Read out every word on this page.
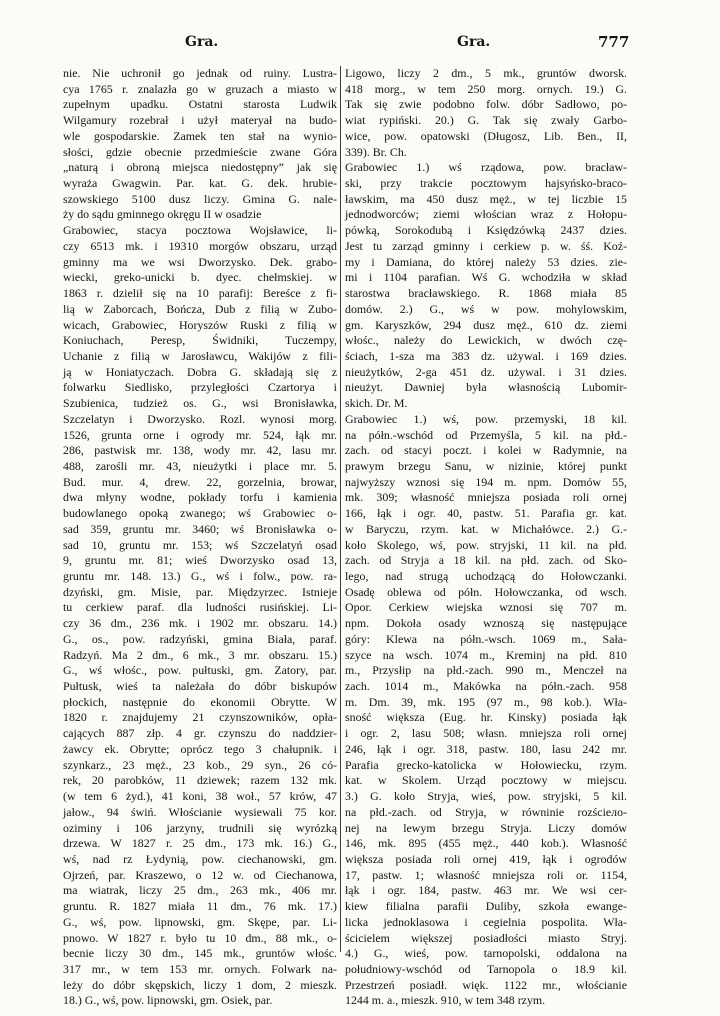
Gra.	Gra.	777
nie. Nie uchronił go jednak od ruiny. Lustra-
cya 1765 r. znalazła go w gruzach a miasto w
zupełnym upadku. Ostatni starosta Ludwik
Wilgamury rozebrał i użył materyał na budo-
wle gospodarskie. Zamek ten stał na wynio-
słości, gdzie obecnie przedmieście zwane Góra
„naturą i obroną miejsca niedostępny” jak się
wyraża Gwagwin. Par. kat. G. dek. hrubie-
szowskiego 5100 dusz liczy. Gmina G. nale-
ży do sądu gminnego okręgu II w osadzie
Grabowiec, stacya pocztowa Wojsławice, li-
czy 6513 mk. i 19310 morgów obszaru, urząd
gminny ma we wsi Dworzysko. Dek. grabo-
wiecki, greko-unicki b. dyec. chełmskiej. w
1863 r. dzielił się na 10 parafij: Bereśce z fi-
lią w Zaborcach, Bończa, Dub z filią w Zubo-
wicach, Grabowiec, Horyszów Ruski z filią w
Koniuchach, Peresp, Świdniki, Tuczempy,
Uchanie z filią w Jarosławcu, Wakijów z fili-
ją w Honiatyczach. Dobra G. składają się z
folwarku Siedlisko, przyległości Czartorya i
Szubienica, tudzież os. G., wsi Bronisławka,
Szczelatyn i Dworzysko. Rozl. wynosi morg.
1526, grunta orne i ogrody mr. 524, łąk mr.
286, pastwisk mr. 138, wody mr. 42, lasu mr.
488, zarośli mr. 43, nieużytki i place mr. 5.
Bud. mur. 4, drew. 22, gorzelnia, browar,
dwa młyny wodne, pokłady torfu i kamienia
budowlanego opoką zwanego; wś Grabowiec o-
sad 359, gruntu mr. 3460; wś Bronisławka o-
sad 10, gruntu mr. 153; wś Szczelatyń osad
9, gruntu mr. 81; wieś Dworzysko osad 13,
gruntu mr. 148. 13.) G., wś i folw., pow. ra-
dzyński, gm. Misie, par. Międzyrzec. Istnieje
tu cerkiew paraf. dla ludności rusińskiej. Li-
czy 36 dm., 236 mk. i 1902 mr. obszaru. 14.)
G., os., pow. radzyński, gmina Biała, paraf.
Radzyń. Ma 2 dm., 6 mk., 3 mr. obszaru. 15.)
G., wś włośc., pow. pułtuski, gm. Zatory, par.
Pułtusk, wieś ta należała do dóbr biskupów
płockich, następnie do ekonomii Obrytte. W
1820 r. znajdujemy 21 czynszowników, opła-
cających 887 złp. 4 gr. czynszu do naddzier-
żawcy ek. Obrytte; oprócz tego 3 chałupnik. i
szynkarz., 23 męż., 23 kob., 29 syn., 26 có-
rek, 20 parobków, 11 dziewek; razem 132 mk.
(w tem 6 żyd.), 41 koni, 38 woł., 57 krów, 47
jałow., 94 świń. Włościanie wysiewali 75 kor.
oziminy i 106 jarzyny, trudnili się wyrózką
drzewa. W 1827 r. 25 dm., 173 mk. 16.) G.,
wś, nad rz Łydynią, pow. ciechanowski, gm.
Ojrzeń, par. Kraszewo, o 12 w. od Ciechanowa,
ma wiatrak, liczy 25 dm., 263 mk., 406 mr.
gruntu. R. 1827 miała 11 dm., 76 mk. 17.)
G., wś, pow. lipnowski, gm. Skępe, par. Li-
pnowo. W 1827 r. było tu 10 dm., 88 mk., o-
becnie liczy 30 dm., 145 mk., gruntów włośc.
317 mr., w tem 153 mr. ornych. Folwark na-
leży do dóbr skępskich, liczy 1 dom, 2 mieszk.
18.) G., wś, pow. lipnowski, gm. Osiek, par.
Ligowo, liczy 2 dm., 5 mk., gruntów dworsk.
418 morg., w tem 250 morg. ornych. 19.) G.
Tak się zwie podobno folw. dóbr Sadłowo, po-
wiat rypiński. 20.) G. Tak się zwały Garbo-
wice, pow. opatowski (Długosz, Lib. Ben., II,
339). Br. Ch.
Grabowiec 1.) wś rządowa, pow. bracław-
ski, przy trakcie pocztowym hajsyńsko-braco-
ławskim, ma 450 dusz męż., w tej liczbie 15
jednodworców; ziemi włościan wraz z Hołopu-
pówką, Sorokodubą i Księdzówką 2437 dzies.
Jest tu zarząd gminny i cerkiew p. w. śś. Koź-
my i Damiana, do której należy 53 dzies. zie-
mi i 1104 parafian. Wś G. wchodziła w skład
starostwa bracławskiego. R. 1868 miała 85
domów. 2.) G., wś w pow. mohylowskim,
gm. Karyszków, 294 dusz męż., 610 dz. ziemi
włośc., należy do Lewickich, w dwóch czę-
ściach, 1-sza ma 383 dz. używal. i 169 dzies.
nieużytków, 2-ga 451 dz. używal. i 31 dzies.
nieużyt. Dawniej była własnością Lubomir-
skich. Dr. M.
Grabowiec 1.) wś, pow. przemyski, 18 kil.
na półn.-wschód od Przemyśla, 5 kil. na płd.-
zach. od stacyi poczt. i kolei w Radymnie, na
prawym brzegu Sanu, w nizinie, której punkt
najwyższy wznosi się 194 m. npm. Domów 55,
mk. 309; własność mniejsza posiada roli ornej
166, łąk i ogr. 40, pastw. 51. Parafia gr. kat.
w Baryczu, rzym. kat. w Michałówce. 2.) G.-
koło Skolego, wś, pow. stryjski, 11 kil. na płd.
zach. od Stryja a 18 kil. na płd. zach. od Sko-
lego, nad strugą uchodzącą do Hołowczanki.
Osadę oblewa od półn. Hołowczanka, od wsch.
Opor. Cerkiew wiejska wznosi się 707 m.
npm. Dokoła osady wznoszą się następujące
góry: Klewa na półn.-wsch. 1069 m., Sała-
szyce na wsch. 1074 m., Kreminj na płd. 810
m., Przysłip na płd.-zach. 990 m., Menczeł na
zach. 1014 m., Makówka na półn.-zach. 958
m. Dm. 39, mk. 195 (97 m., 98 kob.). Wła-
sność większa (Eug. hr. Kinsky) posiada łąk
i ogr. 2, lasu 508; własn. mniejsza roli ornej
246, łąk i ogr. 318, pastw. 180, lasu 242 mr.
Parafia grecko-katolicka w Hołowiecku, rzym.
kat. w Skolem. Urząd pocztowy w miejscu.
3.) G. koło Stryja, wieś, pow. stryjski, 5 kil.
na płd.-zach. od Stryja, w równinie rozściело-
nej na lewym brzegu Stryja. Liczy domów
146, mk. 895 (455 męż., 440 kob.). Własność
większa posiada roli ornej 419, łąk i ogrodów
17, pastw. 1; własność mniejsza roli or. 1154,
łąk i ogr. 184, pastw. 463 mr. We wsi cer-
kiew filialna parafii Duliby, szkoła ewange-
licka jednoklasowa i cegielnia pospolita. Wła-
ścicielem większej posiadłości miasto Stryj.
4.) G., wieś, pow. tarnopolski, oddalona na
południowy-wschód od Tarnopola o 18.9 kil.
Przestrzeń posiadł. więk. 1122 mr., włościanie
1244 m. a., mieszk. 910, w tem 348 rzym.
